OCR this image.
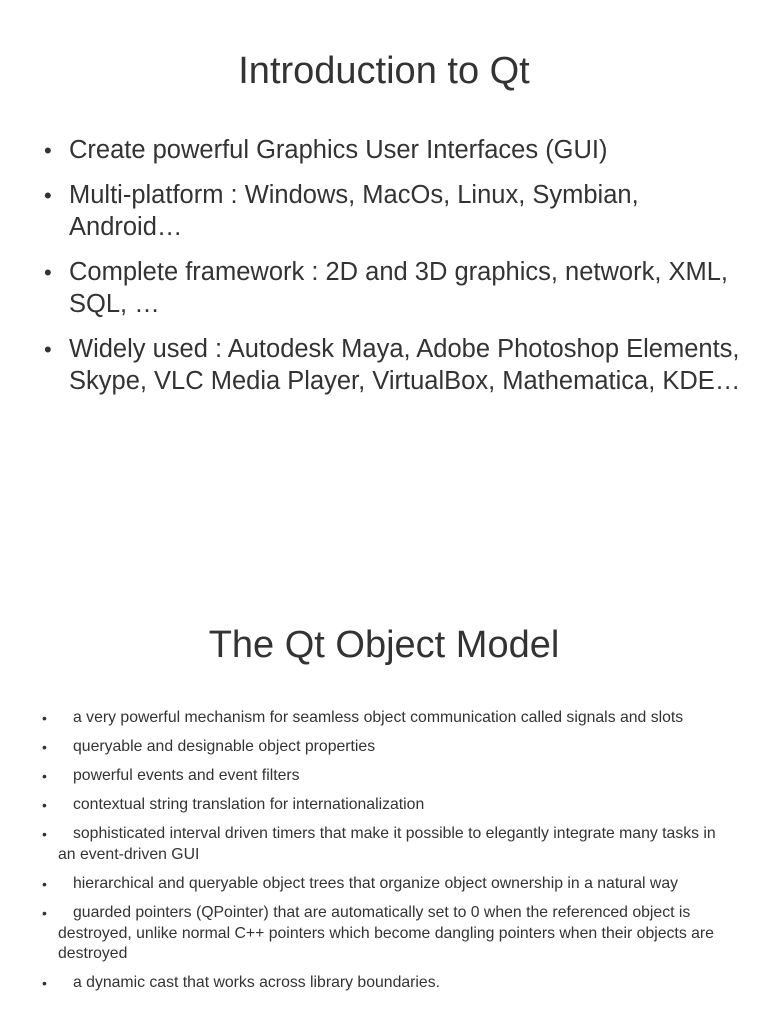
Introduction to Qt
• Create powerful Graphics User Interfaces (GUI)
• Multi-platform : Windows, MacOs, Linux, Symbian, Android…
• Complete framework : 2D and 3D graphics, network, XML, SQL, …
• Widely used : Autodesk Maya, Adobe Photoshop Elements, Skype, VLC Media Player, VirtualBox, Mathematica, KDE…
The Qt Object Model
• a very powerful mechanism for seamless object communication called signals and slots
• queryable and designable object properties
• powerful events and event filters
• contextual string translation for internationalization
• sophisticated interval driven timers that make it possible to elegantly integrate many tasks in an event-driven GUI
• hierarchical and queryable object trees that organize object ownership in a natural way
• guarded pointers (QPointer) that are automatically set to 0 when the referenced object is destroyed, unlike normal C++ pointers which become dangling pointers when their objects are destroyed
• a dynamic cast that works across library boundaries.
